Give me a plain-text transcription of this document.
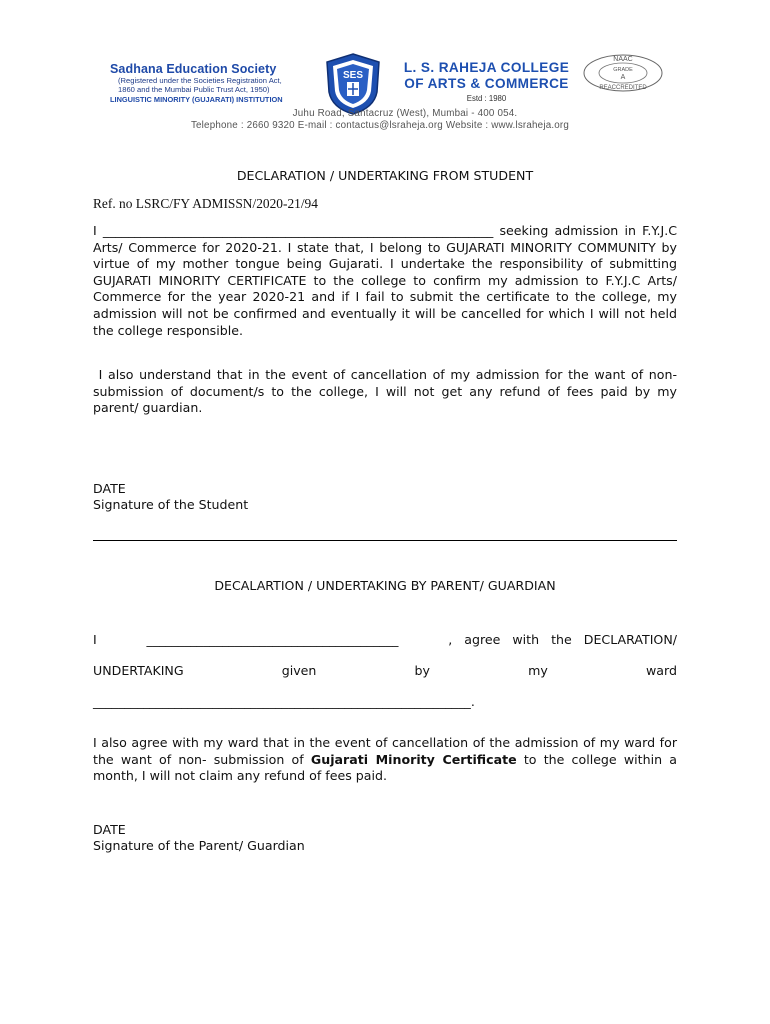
Sadhana Education Society
(Registered under the Societies Registration Act,
1860 and the Mumbai Public Trust Act, 1950)
LINGUISTIC MINORITY (GUJARATI) INSTITUTION
SES
L. S. RAHEJA COLLEGE
OF ARTS & COMMERCE
Estd : 1980
NAAC
GRADE
A
REACCREDITED
Juhu Road, Santacruz (West), Mumbai - 400 054.
Telephone : 2660 9320 E-mail : contactus@lsraheja.org Website : www.lsraheja.org
DECLARATION / UNDERTAKING FROM STUDENT
Ref. no LSRC/FY ADMISSN/2020-21/94
I ______________________________________________________________ seeking admission in F.Y.J.C Arts/ Commerce for 2020-21. I state that, I belong to GUJARATI MINORITY COMMUNITY by virtue of my mother tongue being Gujarati. I undertake the responsibility of submitting GUJARATI MINORITY CERTIFICATE to the college to confirm my admission to F.Y.J.C Arts/ Commerce for the year 2020-21 and if I fail to submit the certificate to the college, my admission will not be confirmed and eventually it will be cancelled for which I will not held the college responsible.
I also understand that in the event of cancellation of my admission for the want of non- submission of document/s to the college, I will not get any refund of fees paid by my parent/ guardian.
DATE
Signature of the Student
DECALARTION / UNDERTAKING BY PARENT/ GUARDIAN
I	________________________________________	, agree with the DECLARATION/
UNDERTAKING	given	by	my	ward
____________________________________________________________.
I also agree with my ward that in the event of cancellation of the admission of my ward for the want of non- submission of Gujarati Minority Certificate to the college within a month, I will not claim any refund of fees paid.
DATE
Signature of the Parent/ Guardian
